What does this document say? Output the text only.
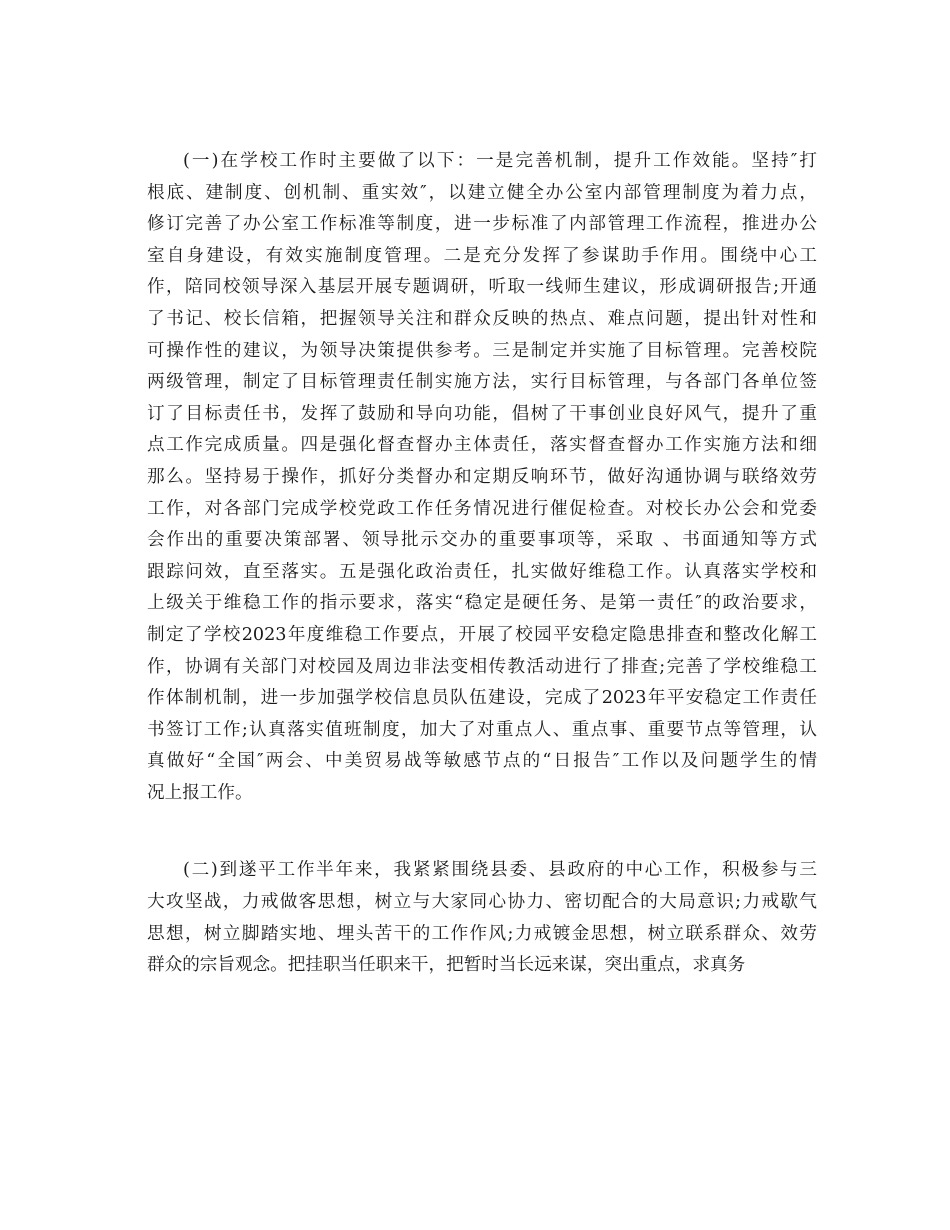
(一)在学校工作时主要做了以下：一是完善机制，提升工作效能。坚持″打
根底、建制度、创机制、重实效″，以建立健全办公室内部管理制度为着力点，
修订完善了办公室工作标准等制度，进一步标准了内部管理工作流程，推进办公
室自身建设，有效实施制度管理。二是充分发挥了参谋助手作用。围绕中心工
作，陪同校领导深入基层开展专题调研，听取一线师生建议，形成调研报告;开通
了书记、校长信箱，把握领导关注和群众反映的热点、难点问题，提出针对性和
可操作性的建议，为领导决策提供参考。三是制定并实施了目标管理。完善校院
两级管理，制定了目标管理责任制实施方法，实行目标管理，与各部门各单位签
订了目标责任书，发挥了鼓励和导向功能，倡树了干事创业良好风气，提升了重
点工作完成质量。四是强化督查督办主体责任，落实督查督办工作实施方法和细
那么。坚持易于操作，抓好分类督办和定期反响环节，做好沟通协调与联络效劳
工作，对各部门完成学校党政工作任务情况进行催促检查。对校长办公会和党委
会作出的重要决策部署、领导批示交办的重要事项等，采取 、书面通知等方式
跟踪问效，直至落实。五是强化政治责任，扎实做好维稳工作。认真落实学校和
上级关于维稳工作的指示要求，落实“稳定是硬任务、是第一责任″的政治要求，
制定了学校2023年度维稳工作要点，开展了校园平安稳定隐患排查和整改化解工
作，协调有关部门对校园及周边非法变相传教活动进行了排查;完善了学校维稳工
作体制机制，进一步加强学校信息员队伍建设，完成了2023年平安稳定工作责任
书签订工作;认真落实值班制度，加大了对重点人、重点事、重要节点等管理，认
真做好“全国″两会、中美贸易战等敏感节点的“日报告″工作以及问题学生的情
况上报工作。
(二)到遂平工作半年来，我紧紧围绕县委、县政府的中心工作，积极参与三
大攻坚战，力戒做客思想，树立与大家同心协力、密切配合的大局意识;力戒歇气
思想，树立脚踏实地、埋头苦干的工作作风;力戒镀金思想，树立联系群众、效劳
群众的宗旨观念。把挂职当任职来干，把暂时当长远来谋，突出重点，求真务
